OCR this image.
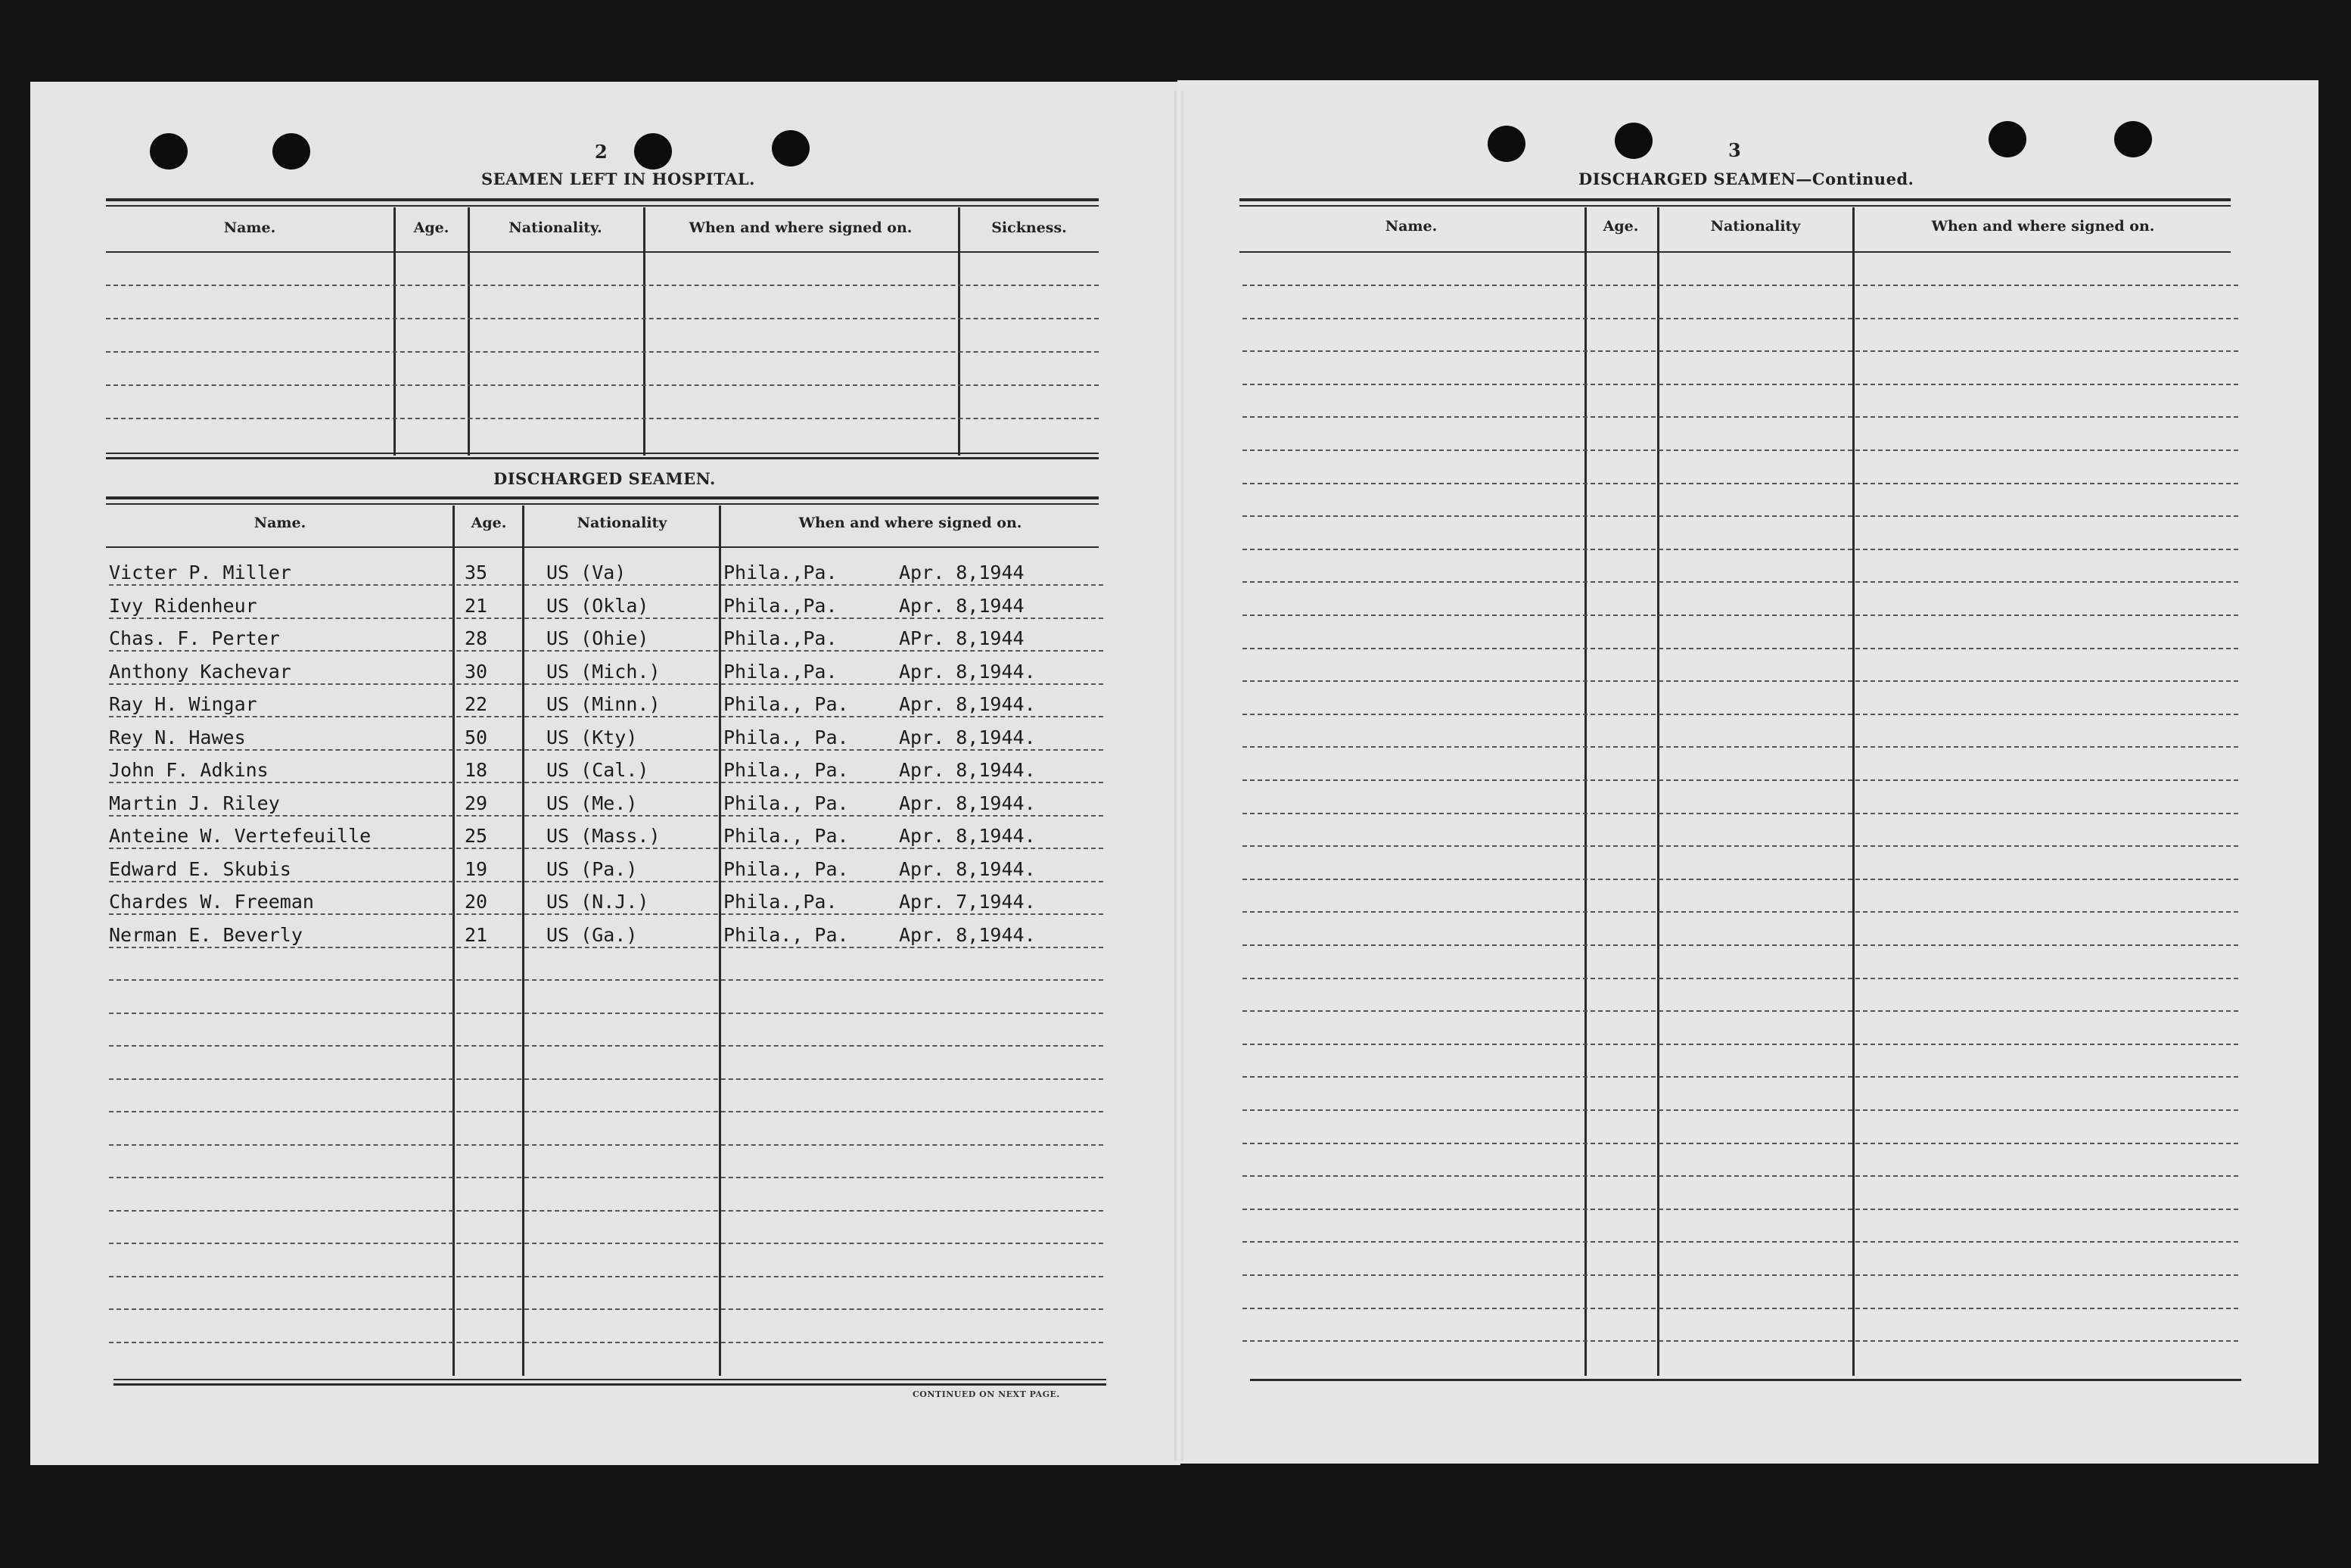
2
SEAMEN LEFT IN HOSPITAL.
Name.	Age.	Nationality.	When and where signed on.	Sickness.
DISCHARGED SEAMEN.
Name.	Age.	Nationality	When and where signed on.
Victer P. Miller	35	US (Va)	Phila.,Pa.	Apr. 8,1944
Ivy Ridenheur	21	US (Okla)	Phila.,Pa.	Apr. 8,1944
Chas. F. Perter	28	US (Ohie)	Phila.,Pa.	APr. 8,1944
Anthony Kachevar	30	US (Mich.)	Phila.,Pa.	Apr. 8,1944.
Ray H. Wingar	22	US (Minn.)	Phila., Pa.	Apr. 8,1944.
Rey N. Hawes	50	US (Kty)	Phila., Pa.	Apr. 8,1944.
John F. Adkins	18	US (Cal.)	Phila., Pa.	Apr. 8,1944.
Martin J. Riley	29	US (Me.)	Phila., Pa.	Apr. 8,1944.
Anteine W. Vertefeuille	25	US (Mass.)	Phila., Pa.	Apr. 8,1944.
Edward E. Skubis	19	US (Pa.)	Phila., Pa.	Apr. 8,1944.
Chardes W. Freeman	20	US (N.J.)	Phila.,Pa.	Apr. 7,1944.
Nerman E. Beverly	21	US (Ga.)	Phila., Pa.	Apr. 8,1944.
CONTINUED ON NEXT PAGE.
3
DISCHARGED SEAMEN—Continued.
Name.	Age.	Nationality	When and where signed on.
